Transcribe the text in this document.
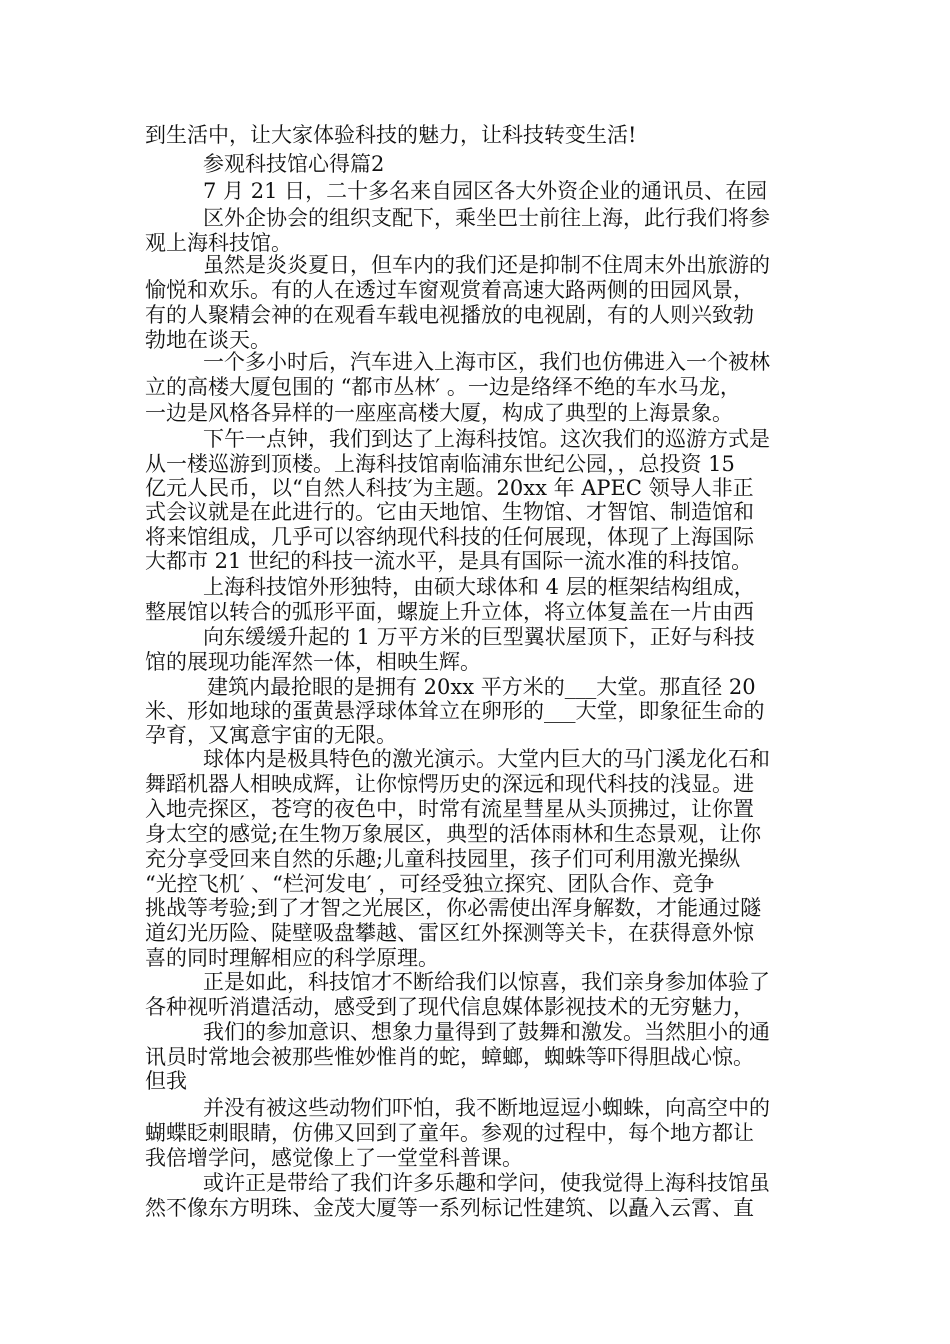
到生活中，让大家体验科技的魅力，让科技转变生活!
参观科技馆心得篇2
7 月 21 日，二十多名来自园区各大外资企业的通讯员、在园
区外企协会的组织支配下，乘坐巴士前往上海，此行我们将参
观上海科技馆。
虽然是炎炎夏日，但车内的我们还是抑制不住周末外出旅游的
愉悦和欢乐。有的人在透过车窗观赏着高速大路两侧的田园风景，
有的人聚精会神的在观看车载电视播放的电视剧，有的人则兴致勃
勃地在谈天。
一个多小时后，汽车进入上海市区，我们也仿佛进入一个被林
立的高楼大厦包围的 “都市丛林′ 。一边是络绎不绝的车水马龙，
一边是风格各异样的一座座高楼大厦，构成了典型的上海景象。
下午一点钟，我们到达了上海科技馆。这次我们的巡游方式是
从一楼巡游到顶楼。上海科技馆南临浦东世纪公园，，总投资 15
亿元人民币，以“自然人科技′为主题。20xx 年 APEC 领导人非正
式会议就是在此进行的。它由天地馆、生物馆、才智馆、制造馆和
将来馆组成，几乎可以容纳现代科技的任何展现，体现了上海国际
大都市 21 世纪的科技一流水平，是具有国际一流水准的科技馆。
上海科技馆外形独特，由硕大球体和 4 层的框架结构组成，
整展馆以转合的弧形平面，螺旋上升立体，将立体复盖在一片由西
向东缓缓升起的 1 万平方米的巨型翼状屋顶下，正好与科技
馆的展现功能浑然一体，相映生辉。
建筑内最抢眼的是拥有 20xx 平方米的___大堂。那直径 20
米、形如地球的蛋黄悬浮球体耸立在卵形的___大堂，即象征生命的
孕育，又寓意宇宙的无限。
球体内是极具特色的激光演示。大堂内巨大的马门溪龙化石和
舞蹈机器人相映成辉，让你惊愕历史的深远和现代科技的浅显。进
入地壳探区，苍穹的夜色中，时常有流星彗星从头顶拂过，让你置
身太空的感觉;在生物万象展区，典型的活体雨林和生态景观，让你
充分享受回来自然的乐趣;儿童科技园里，孩子们可利用激光操纵
“光控飞机′ 、“栏河发电′ ，可经受独立探究、团队合作、竞争
挑战等考验;到了才智之光展区，你必需使出浑身解数，才能通过隧
道幻光历险、陡壁吸盘攀越、雷区红外探测等关卡，在获得意外惊
喜的同时理解相应的科学原理。
正是如此，科技馆才不断给我们以惊喜，我们亲身参加体验了
各种视听消遣活动，感受到了现代信息媒体影视技术的无穷魅力，
我们的参加意识、想象力量得到了鼓舞和激发。当然胆小的通
讯员时常地会被那些惟妙惟肖的蛇，蟑螂，蜘蛛等吓得胆战心惊。
但我
并没有被这些动物们吓怕，我不断地逗逗小蜘蛛，向高空中的
蝴蝶眨刺眼睛，仿佛又回到了童年。参观的过程中，每个地方都让
我倍增学问，感觉像上了一堂堂科普课。
或许正是带给了我们许多乐趣和学问，使我觉得上海科技馆虽
然不像东方明珠、金茂大厦等一系列标记性建筑、以矗入云霄、直
